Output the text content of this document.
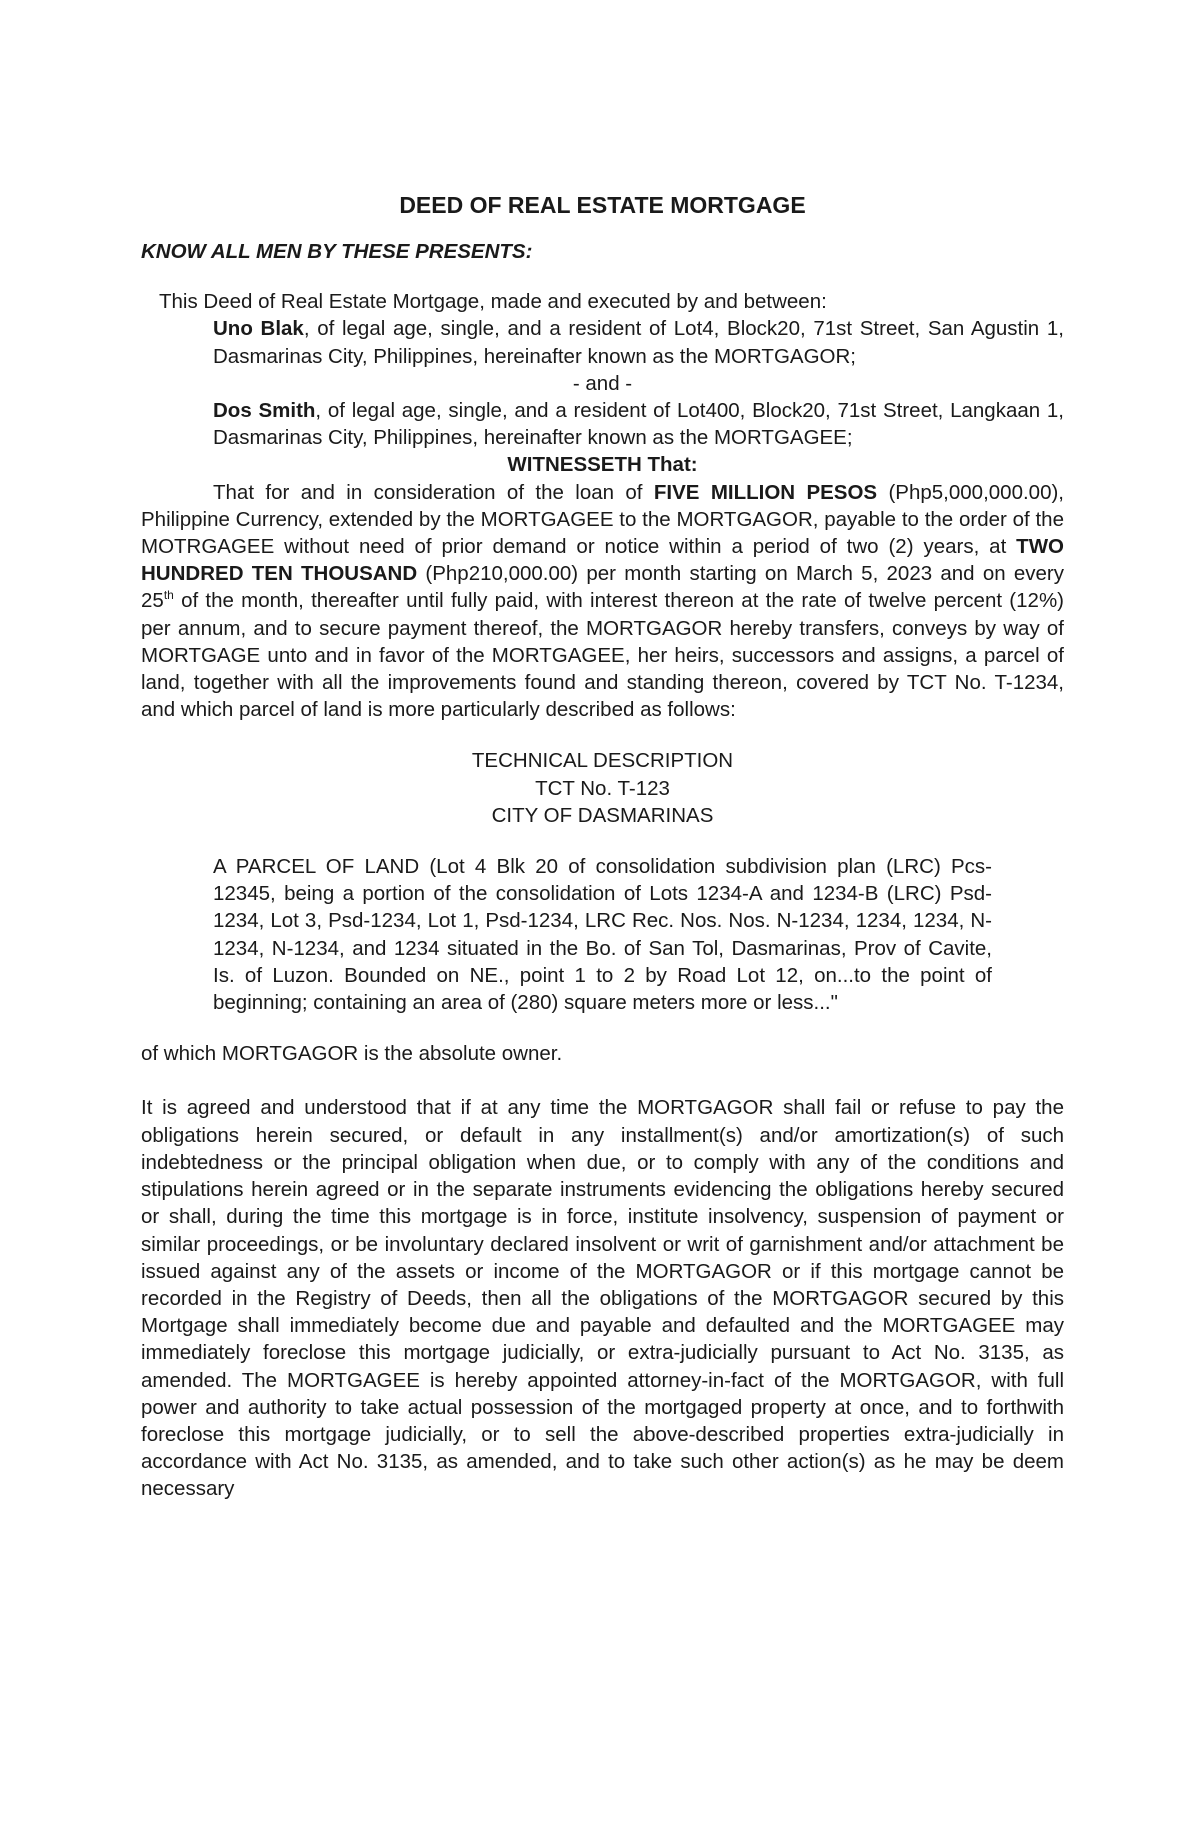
DEED OF REAL ESTATE MORTGAGE
KNOW ALL MEN BY THESE PRESENTS:
This Deed of Real Estate Mortgage, made and executed by and between:
Uno Blak, of legal age, single, and a resident of Lot4, Block20, 71st Street, San Agustin 1, Dasmarinas City, Philippines, hereinafter known as the MORTGAGOR;
- and -
Dos Smith, of legal age, single, and a resident of Lot400, Block20, 71st Street, Langkaan 1, Dasmarinas City, Philippines, hereinafter known as the MORTGAGEE;
WITNESSETH That:
That for and in consideration of the loan of FIVE MILLION PESOS (Php5,000,000.00), Philippine Currency, extended by the MORTGAGEE to the MORTGAGOR, payable to the order of the MOTRGAGEE without need of prior demand or notice within a period of two (2) years, at TWO HUNDRED TEN THOUSAND (Php210,000.00) per month starting on March 5, 2023 and on every 25th of the month, thereafter until fully paid, with interest thereon at the rate of twelve percent (12%) per annum, and to secure payment thereof, the MORTGAGOR hereby transfers, conveys by way of MORTGAGE unto and in favor of the MORTGAGEE, her heirs, successors and assigns, a parcel of land, together with all the improvements found and standing thereon, covered by TCT No. T-1234, and which parcel of land is more particularly described as follows:
TECHNICAL DESCRIPTION
TCT No. T-123
CITY OF DASMARINAS
A PARCEL OF LAND (Lot 4 Blk 20 of consolidation subdivision plan (LRC) Pcs-12345, being a portion of the consolidation of Lots 1234-A and 1234-B (LRC) Psd-1234, Lot 3, Psd-1234, Lot 1, Psd-1234, LRC Rec. Nos. Nos. N-1234, 1234, 1234, N-1234, N-1234, and 1234 situated in the Bo. of San Tol, Dasmarinas, Prov of Cavite, Is. of Luzon. Bounded on NE., point 1 to 2 by Road Lot 12, on...to the point of beginning; containing an area of (280) square meters more or less..."
of which MORTGAGOR is the absolute owner.
It is agreed and understood that if at any time the MORTGAGOR shall fail or refuse to pay the obligations herein secured, or default in any installment(s) and/or amortization(s) of such indebtedness or the principal obligation when due, or to comply with any of the conditions and stipulations herein agreed or in the separate instruments evidencing the obligations hereby secured or shall, during the time this mortgage is in force, institute insolvency, suspension of payment or similar proceedings, or be involuntary declared insolvent or writ of garnishment and/or attachment be issued against any of the assets or income of the MORTGAGOR or if this mortgage cannot be recorded in the Registry of Deeds, then all the obligations of the MORTGAGOR secured by this Mortgage shall immediately become due and payable and defaulted and the MORTGAGEE may immediately foreclose this mortgage judicially, or extra-judicially pursuant to Act No. 3135, as amended. The MORTGAGEE is hereby appointed attorney-in-fact of the MORTGAGOR, with full power and authority to take actual possession of the mortgaged property at once, and to forthwith foreclose this mortgage judicially, or to sell the above-described properties extra-judicially in accordance with Act No. 3135, as amended, and to take such other action(s) as he may be deem necessary
